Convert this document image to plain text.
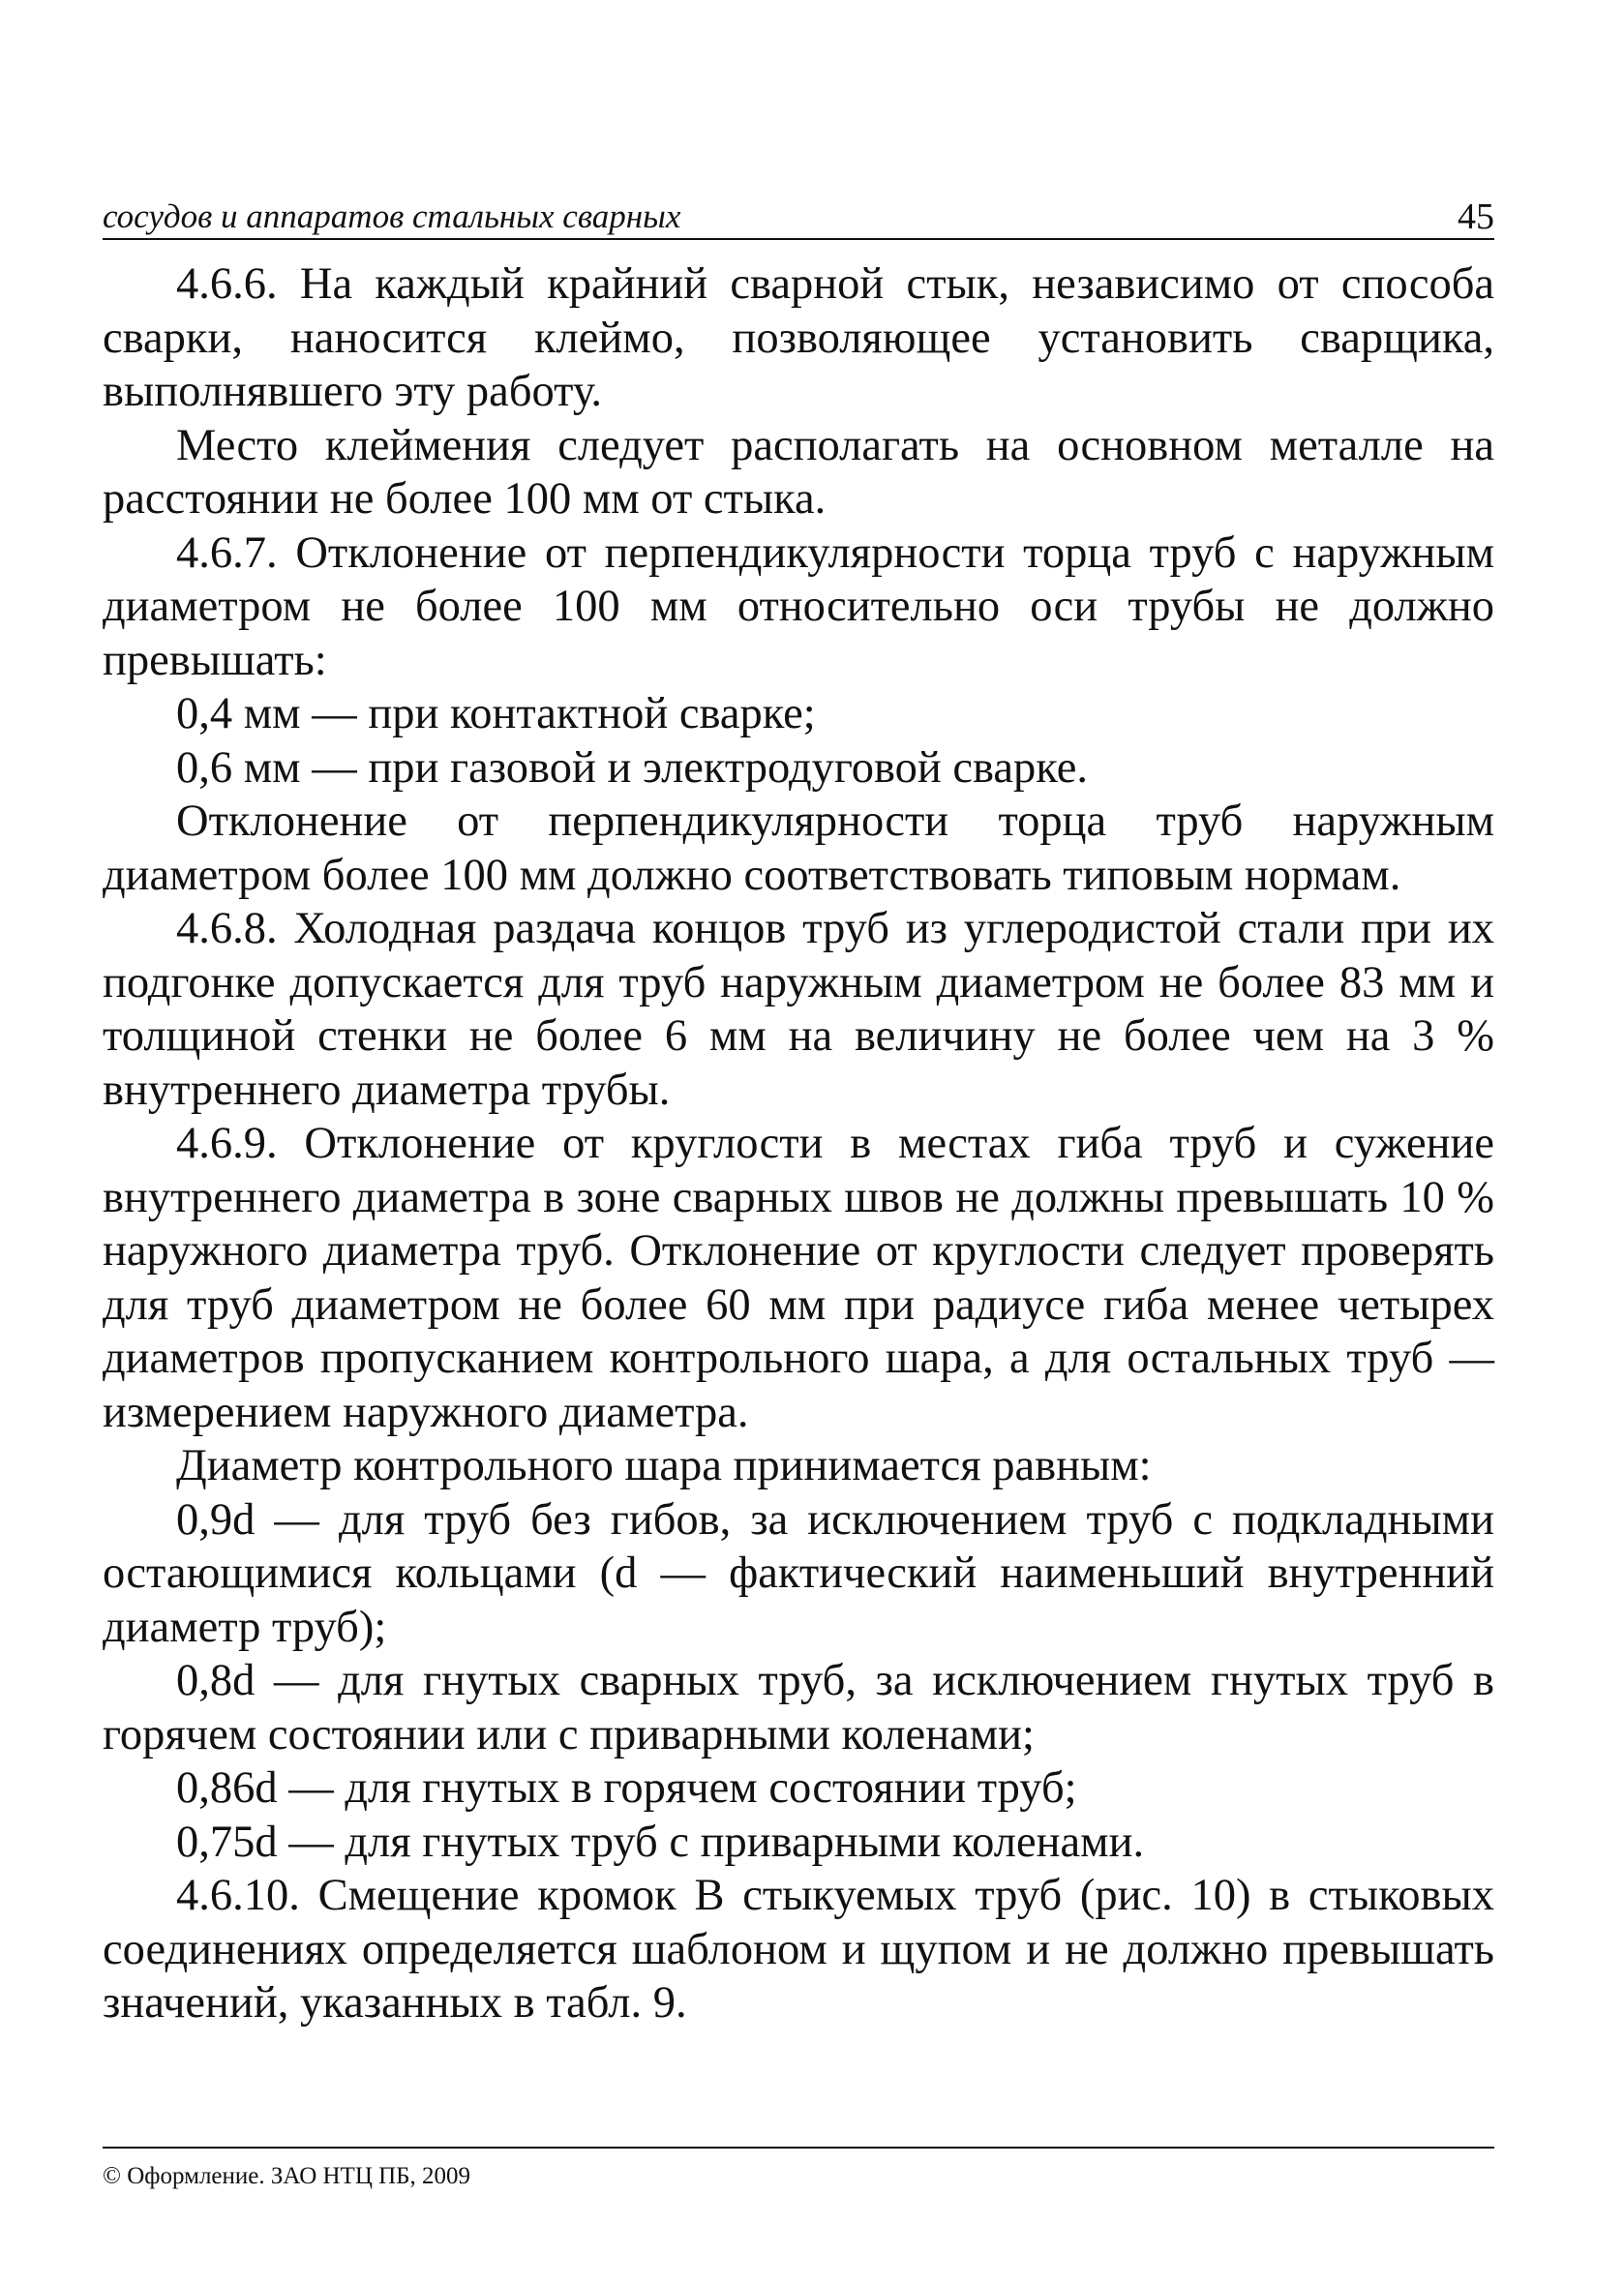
сосудов и аппаратов стальных сварных	45

4.6.6. На каждый крайний сварной стык, независимо от способа сварки, наносится клеймо, позволяющее установить сварщика, выполнявшего эту работу.

Место клеймения следует располагать на основном металле на расстоянии не более 100 мм от стыка.

4.6.7. Отклонение от перпендикулярности торца труб с наружным диаметром не более 100 мм относительно оси трубы не должно превышать:

0,4 мм — при контактной сварке;

0,6 мм — при газовой и электродуговой сварке.

Отклонение от перпендикулярности торца труб наружным диаметром более 100 мм должно соответствовать типовым нормам.

4.6.8. Холодная раздача концов труб из углеродистой стали при их подгонке допускается для труб наружным диаметром не более 83 мм и толщиной стенки не более 6 мм на величину не более чем на 3 % внутреннего диаметра трубы.

4.6.9. Отклонение от круглости в местах гиба труб и сужение внутреннего диаметра в зоне сварных швов не должны превышать 10 % наружного диаметра труб. Отклонение от круглости следует проверять для труб диаметром не более 60 мм при радиусе гиба менее четырех диаметров пропусканием контрольного шара, а для остальных труб — измерением наружного диаметра.

Диаметр контрольного шара принимается равным:

0,9d — для труб без гибов, за исключением труб с подкладными остающимися кольцами (d — фактический наименьший внутренний диаметр труб);

0,8d — для гнутых сварных труб, за исключением гнутых труб в горячем состоянии или с приварными коленами;

0,86d — для гнутых в горячем состоянии труб;

0,75d — для гнутых труб с приварными коленами.

4.6.10. Смещение кромок B стыкуемых труб (рис. 10) в стыковых соединениях определяется шаблоном и щупом и не должно превышать значений, указанных в табл. 9.

© Оформление. ЗАО НТЦ ПБ, 2009
